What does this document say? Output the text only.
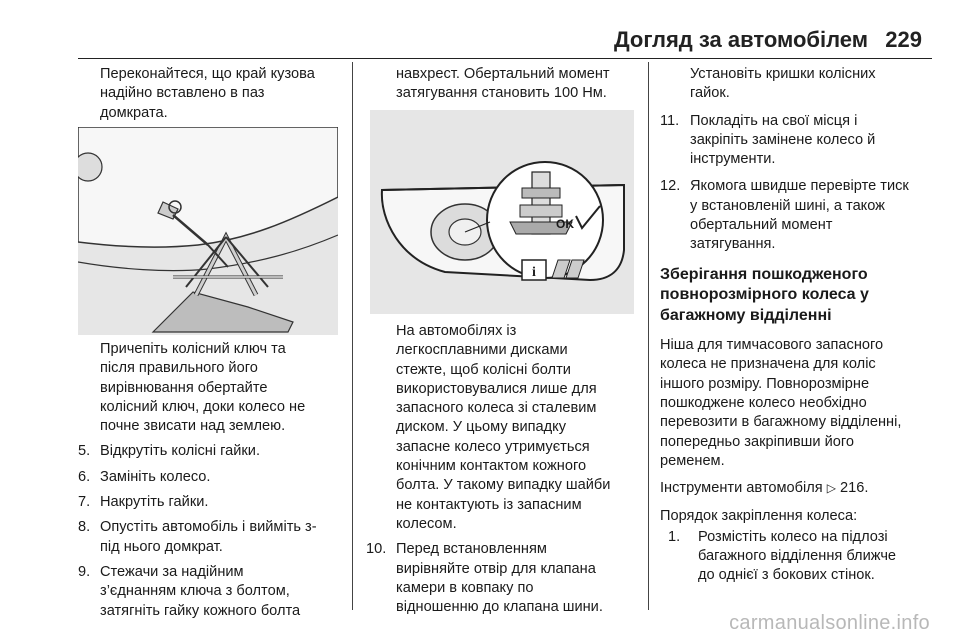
Догляд за автомобілем 229

Переконайтеся, що край кузова

надійно вставлено в паз

домкрата.

Причепіть колісний ключ та

після правильного його

вирівнювання обертайте

колісний ключ, доки колесо не

почне звисати над землею.

5. Відкрутіть колісні гайки.

6. Замініть колесо.

7. Накрутіть гайки.

8. Опустіть автомобіль і вийміть з-

під нього домкрат.

9. Стежачи за надійним

з’єднанням ключа з болтом,

затягніть гайку кожного болта

навхрест. Обертальний момент

затягування становить 100 Нм.

i
OK

На автомобілях із

легкосплавними дисками

стежте, щоб колісні болти

використовувалися лише для

запасного колеса зі сталевим

диском. У цьому випадку

запасне колесо утримується

конічним контактом кожного

болта. У такому випадку шайби

не контактують із запасним

колесом.

10. Перед встановленням

вирівняйте отвір для клапана

камери в ковпаку по

відношенню до клапана шини.

Установіть кришки колісних

гайок.

11. Покладіть на свої місця і

закріпіть замінене колесо й

інструменти.

12. Якомога швидше перевірте тиск

у встановленій шині, а також

обертальний момент

затягування.

Зберігання пошкодженого

повнорозмірного колеса у

багажному відділенні

Ніша для тимчасового запасного

колеса не призначена для коліс

іншого розміру. Повнорозмірне

пошкоджене колесо необхідно

перевозити в багажному відділенні,

попередньо закріпивши його

ременем.

Інструменти автомобіля ▷ 216.

Порядок закріплення колеса:

1. Розмістіть колесо на підлозі

багажного відділення ближче

до однієї з бокових стінок.

carmanualsonline.info
